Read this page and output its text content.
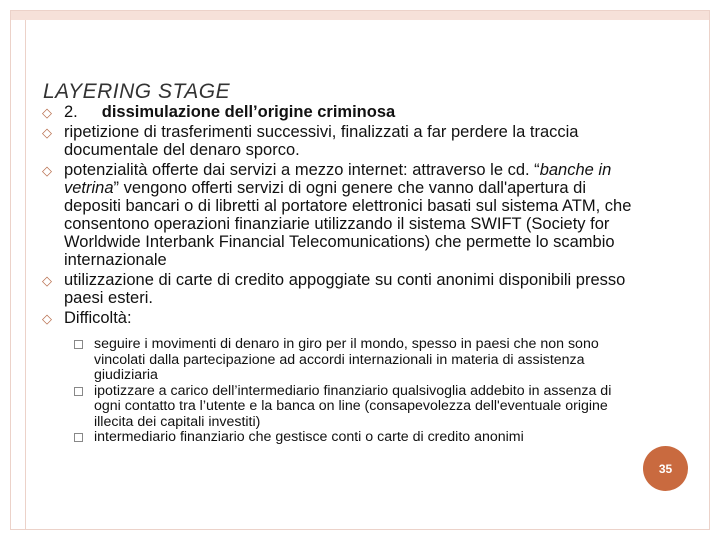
LAYERING STAGE
◇ 2. dissimulazione dell’origine criminosa
◇ ripetizione di trasferimenti successivi, finalizzati a far perdere la traccia documentale del denaro sporco.
◇ potenzialità offerte dai servizi a mezzo internet: attraverso le cd. “banche in vetrina” vengono offerti servizi di ogni genere che vanno dall'apertura di depositi bancari o di libretti al portatore elettronici basati sul sistema ATM, che consentono operazioni finanziarie utilizzando il sistema SWIFT (Society for Worldwide Interbank Financial Telecomunications) che permette lo scambio internazionale
◇ utilizzazione di carte di credito appoggiate su conti anonimi disponibili presso paesi esteri.
◇ Difficoltà:
seguire i movimenti di denaro in giro per il mondo, spesso in paesi che non sono vincolati dalla partecipazione ad accordi internazionali in materia di assistenza giudiziaria
ipotizzare a carico dell’intermediario finanziario qualsivoglia addebito in assenza di ogni contatto tra l’utente e la banca on line (consapevolezza dell'eventuale origine illecita dei capitali investiti)
intermediario finanziario che gestisce conti o carte di credito anonimi
35
